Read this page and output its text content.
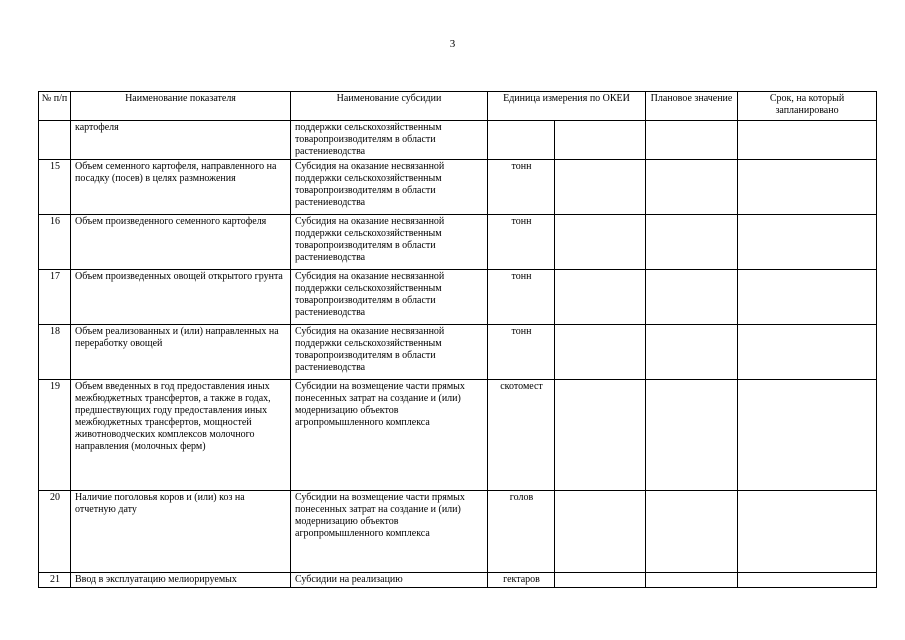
3
№ п/п	Наименование показателя	Наименование субсидии	Единица измерения по ОКЕИ		Плановое значение	Срок, на который запланировано
	картофеля	поддержки сельскохозяйственным товаропроизводителям в области растениеводства				
15	Объем семенного картофеля, направленного на посадку (посев) в целях размножения	Субсидия на оказание несвязанной поддержки сельскохозяйственным товаропроизводителям в области растениеводства	тонн			
16	Объем произведенного семенного картофеля	Субсидия на оказание несвязанной поддержки сельскохозяйственным товаропроизводителям в области растениеводства	тонн			
17	Объем произведенных овощей открытого грунта	Субсидия на оказание несвязанной поддержки сельскохозяйственным товаропроизводителям в области растениеводства	тонн			
18	Объем реализованных и (или) направленных на переработку овощей	Субсидия на оказание несвязанной поддержки сельскохозяйственным товаропроизводителям в области растениеводства	тонн			
19	Объем введенных в год предоставления иных межбюджетных трансфертов, а также в годах, предшествующих году предоставления иных межбюджетных трансфертов, мощностей животноводческих комплексов молочного направления (молочных ферм)	Субсидии на возмещение части прямых понесенных затрат на создание и (или) модернизацию объектов агропромышленного комплекса	скотомест			
20	Наличие поголовья коров и (или) коз на отчетную дату	Субсидии на возмещение части прямых понесенных затрат на создание и (или) модернизацию объектов агропромышленного комплекса	голов			
21	Ввод в эксплуатацию мелиорируемых	Субсидии на реализацию	гектаров			
